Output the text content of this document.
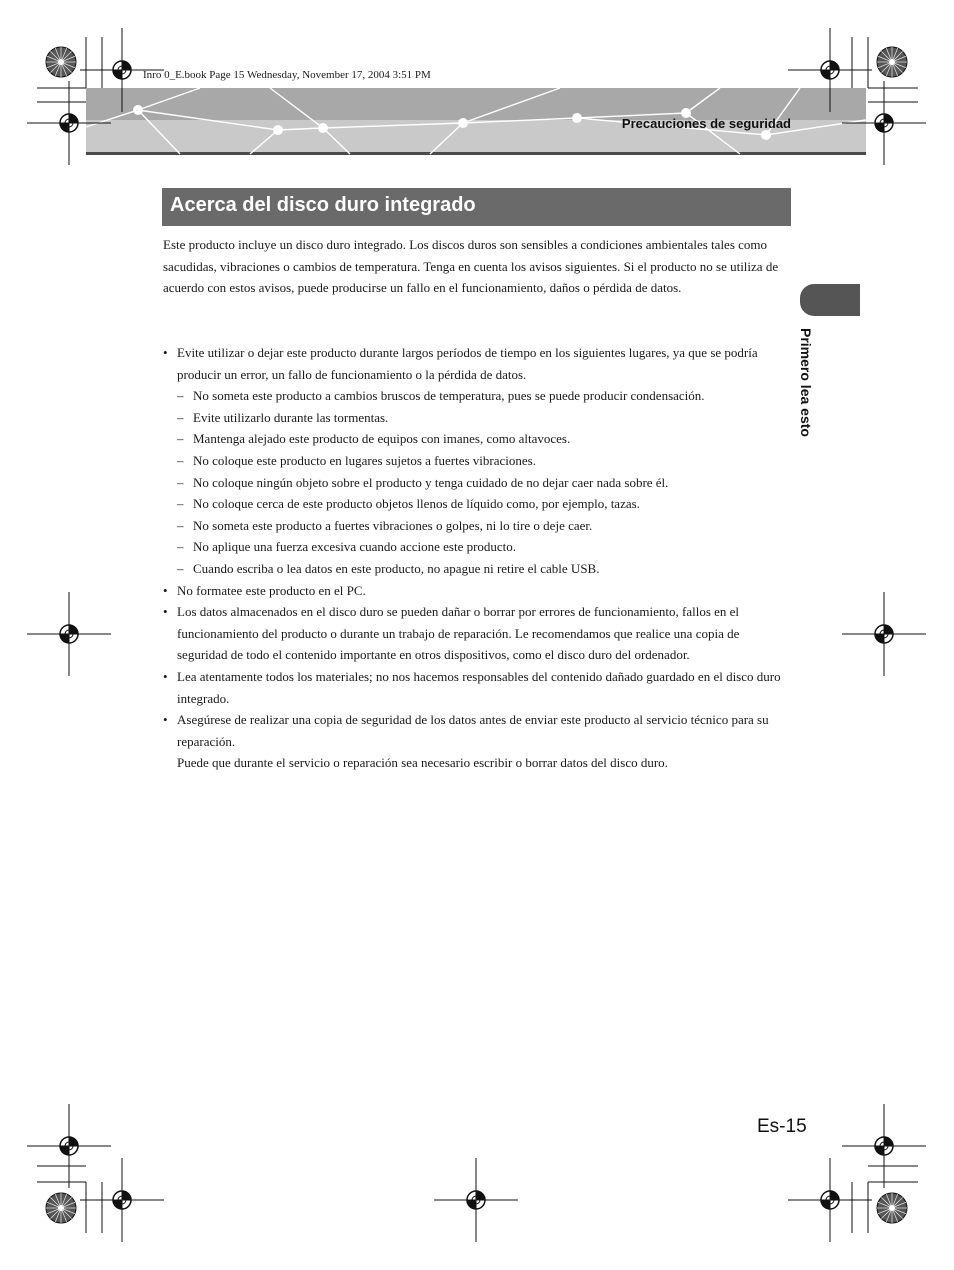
Inro 0_E.book Page 15 Wednesday, November 17, 2004 3:51 PM
Precauciones de seguridad
Primero lea esto
Acerca del disco duro integrado
Este producto incluye un disco duro integrado. Los discos duros son sensibles a condiciones ambientales tales como sacudidas, vibraciones o cambios de temperatura. Tenga en cuenta los avisos siguientes. Si el producto no se utiliza de acuerdo con estos avisos, puede producirse un fallo en el funcionamiento, daños o pérdida de datos.
• Evite utilizar o dejar este producto durante largos períodos de tiempo en los siguientes lugares, ya que se podría producir un error, un fallo de funcionamiento o la pérdida de datos.
– No someta este producto a cambios bruscos de temperatura, pues se puede producir condensación.
– Evite utilizarlo durante las tormentas.
– Mantenga alejado este producto de equipos con imanes, como altavoces.
– No coloque este producto en lugares sujetos a fuertes vibraciones.
– No coloque ningún objeto sobre el producto y tenga cuidado de no dejar caer nada sobre él.
– No coloque cerca de este producto objetos llenos de líquido como, por ejemplo, tazas.
– No someta este producto a fuertes vibraciones o golpes, ni lo tire o deje caer.
– No aplique una fuerza excesiva cuando accione este producto.
– Cuando escriba o lea datos en este producto, no apague ni retire el cable USB.
• No formatee este producto en el PC.
• Los datos almacenados en el disco duro se pueden dañar o borrar por errores de funcionamiento, fallos en el funcionamiento del producto o durante un trabajo de reparación. Le recomendamos que realice una copia de seguridad de todo el contenido importante en otros dispositivos, como el disco duro del ordenador.
• Lea atentamente todos los materiales; no nos hacemos responsables del contenido dañado guardado en el disco duro integrado.
• Asegúrese de realizar una copia de seguridad de los datos antes de enviar este producto al servicio técnico para su reparación.
Puede que durante el servicio o reparación sea necesario escribir o borrar datos del disco duro.
Es-15
